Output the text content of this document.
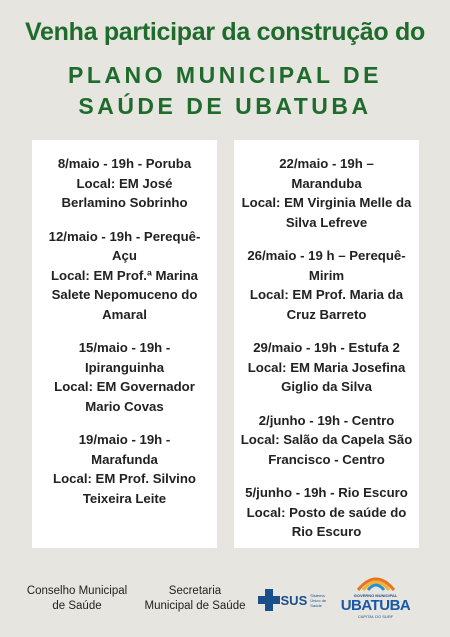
Venha participar da construção do
PLANO MUNICIPAL DE
SAÚDE DE UBATUBA
8/maio - 19h - Poruba
Local: EM José
Berlamino Sobrinho
12/maio - 19h - Perequê-
Açu
Local: EM Prof.ª Marina
Salete Nepomuceno do
Amaral
15/maio - 19h -
Ipiranguinha
Local: EM Governador
Mario Covas
19/maio - 19h -
Marafunda
Local: EM Prof. Silvino
Teixeira Leite
22/maio - 19h –
Maranduba
Local: EM Virginia Melle da
Silva Lefreve
26/maio - 19 h – Perequê-
Mirim
Local: EM Prof. Maria da
Cruz Barreto
29/maio - 19h - Estufa 2
Local: EM Maria Josefina
Giglio da Silva
2/junho - 19h - Centro
Local: Salão da Capela São
Francisco - Centro
5/junho - 19h - Rio Escuro
Local: Posto de saúde do
Rio Escuro
Conselho Municipal
de Saúde
Secretaria
Municipal de Saúde	SUS Sistema Único de Saúde
GOVERNO MUNICIPAL
UBATUBA
CAPITAL DO SURF
